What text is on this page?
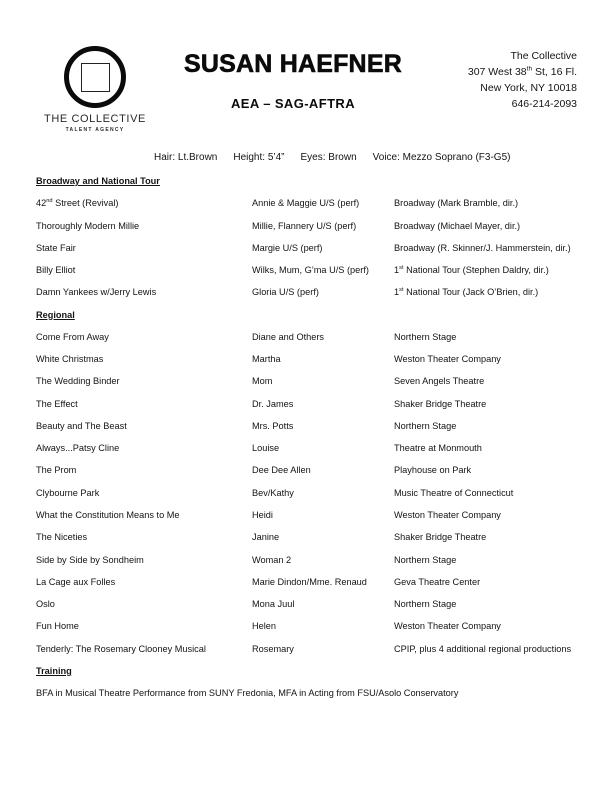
THE COLLECTIVE
TALENT AGENCY
SUSAN HAEFNER
AEA – SAG-AFTRA
The Collective
307 West 38th St, 16 Fl.
New York, NY 10018
646-214-2093
Hair: Lt.Brown Height: 5’4” Eyes: Brown Voice: Mezzo Soprano (F3-G5)
Broadway and National Tour
42nd Street (Revival)	Annie & Maggie U/S (perf)	Broadway (Mark Bramble, dir.)
Thoroughly Modern Millie	Millie, Flannery U/S (perf)	Broadway (Michael Mayer, dir.)
State Fair	Margie U/S (perf)	Broadway (R. Skinner/J. Hammerstein, dir.)
Billy Elliot	Wilks, Mum, G’ma U/S (perf)	1st National Tour (Stephen Daldry, dir.)
Damn Yankees w/Jerry Lewis	Gloria U/S (perf)	1st National Tour (Jack O’Brien, dir.)
Regional
Come From Away	Diane and Others	Northern Stage
White Christmas	Martha	Weston Theater Company
The Wedding Binder	Mom	Seven Angels Theatre
The Effect	Dr. James	Shaker Bridge Theatre
Beauty and The Beast	Mrs. Potts	Northern Stage
Always...Patsy Cline	Louise	Theatre at Monmouth
The Prom	Dee Dee Allen	Playhouse on Park
Clybourne Park	Bev/Kathy	Music Theatre of Connecticut
What the Constitution Means to Me	Heidi	Weston Theater Company
The Niceties	Janine	Shaker Bridge Theatre
Side by Side by Sondheim	Woman 2	Northern Stage
La Cage aux Folles	Marie Dindon/Mme. Renaud	Geva Theatre Center
Oslo	Mona Juul	Northern Stage
Fun Home	Helen	Weston Theater Company
Tenderly: The Rosemary Clooney Musical	Rosemary	CPIP, plus 4 additional regional productions
Training
BFA in Musical Theatre Performance from SUNY Fredonia, MFA in Acting from FSU/Asolo Conservatory
